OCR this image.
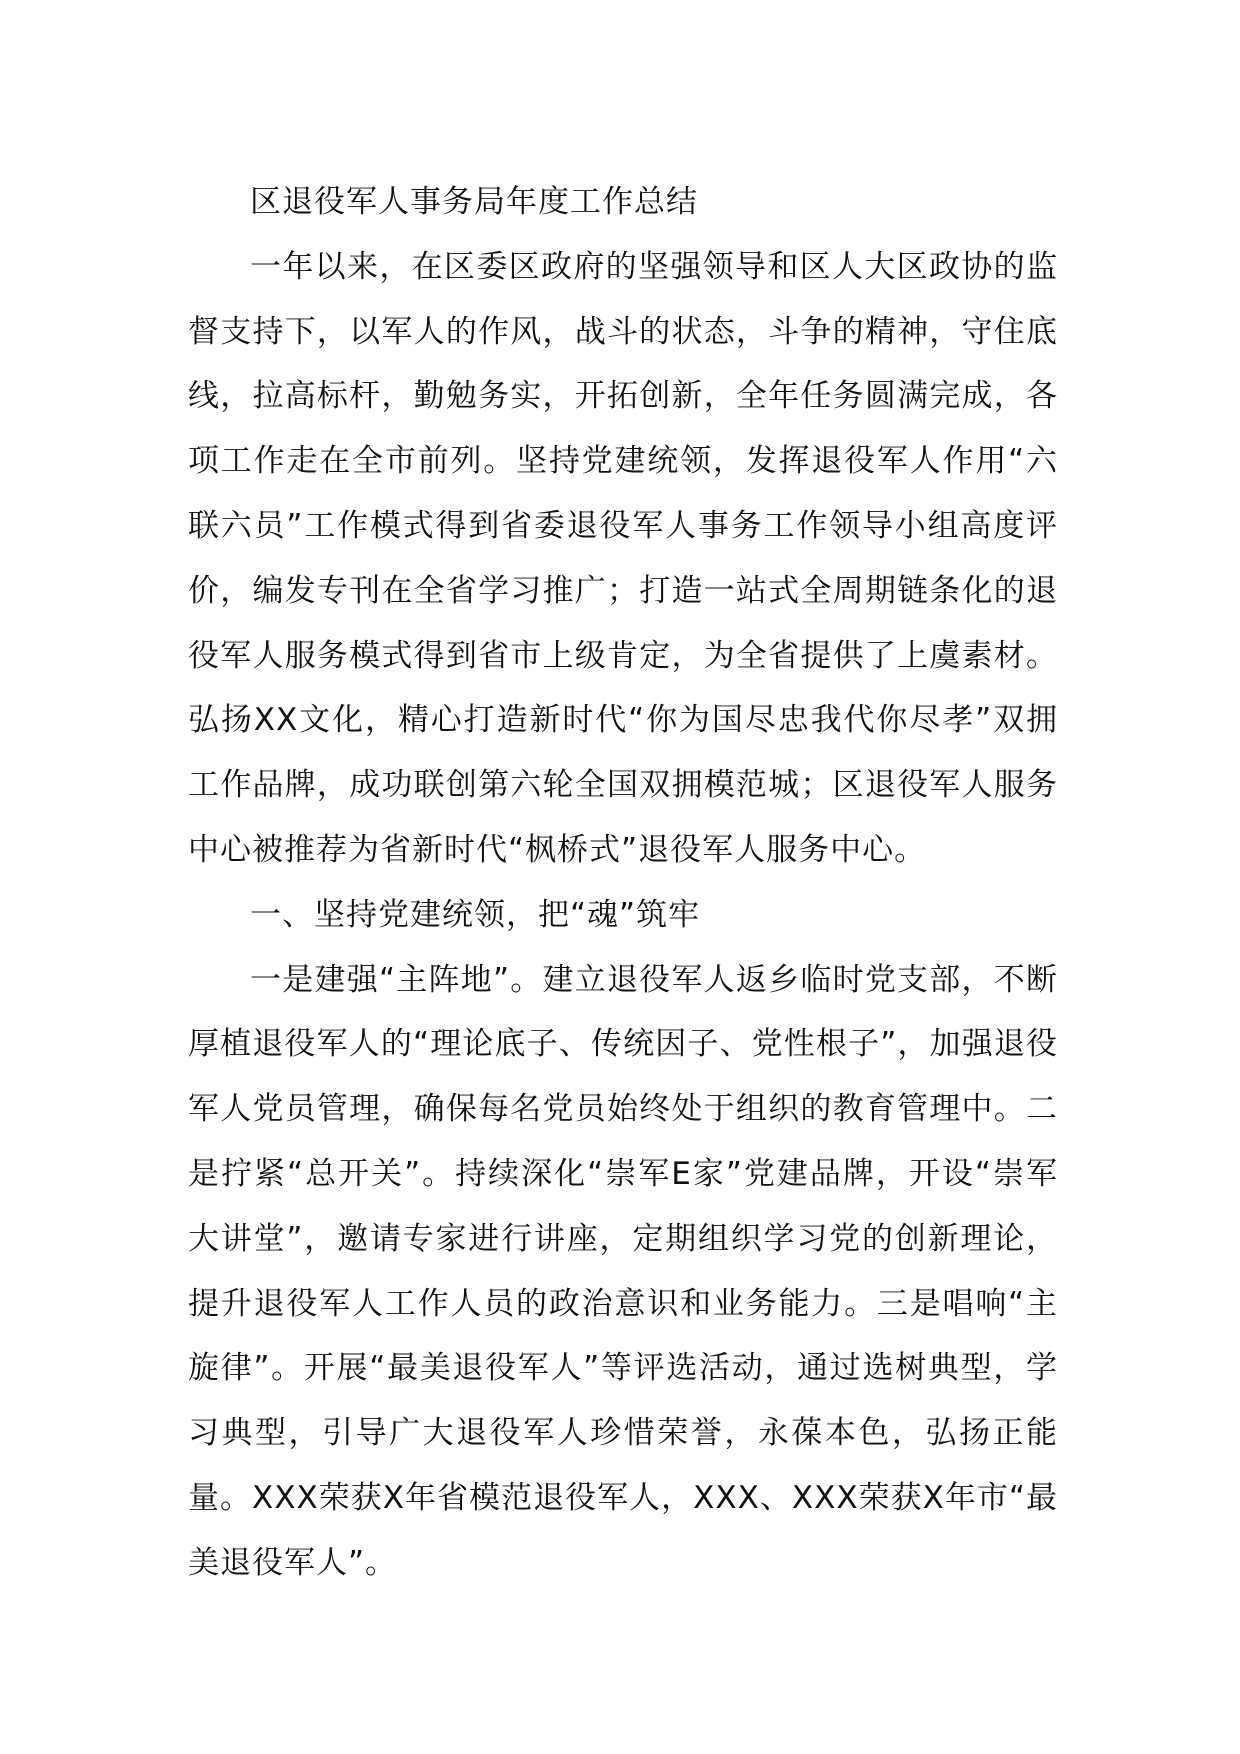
区退役军人事务局年度工作总结

一年以来，在区委区政府的坚强领导和区人大区政协的监督支持下，以军人的作风，战斗的状态，斗争的精神，守住底线，拉高标杆，勤勉务实，开拓创新，全年任务圆满完成，各项工作走在全市前列。坚持党建统领，发挥退役军人作用“六联六员”工作模式得到省委退役军人事务工作领导小组高度评价，编发专刊在全省学习推广；打造一站式全周期链条化的退役军人服务模式得到省市上级肯定，为全省提供了上虞素材。弘扬XX文化，精心打造新时代“你为国尽忠我代你尽孝”双拥工作品牌，成功联创第六轮全国双拥模范城；区退役军人服务中心被推荐为省新时代“枫桥式”退役军人服务中心。

一、坚持党建统领，把“魂”筑牢

一是建强“主阵地”。建立退役军人返乡临时党支部，不断厚植退役军人的“理论底子、传统因子、党性根子”，加强退役军人党员管理，确保每名党员始终处于组织的教育管理中。二是拧紧“总开关”。持续深化“崇军E家”党建品牌，开设“崇军大讲堂”，邀请专家进行讲座，定期组织学习党的创新理论，提升退役军人工作人员的政治意识和业务能力。三是唱响“主旋律”。开展“最美退役军人”等评选活动，通过选树典型，学习典型，引导广大退役军人珍惜荣誉，永葆本色，弘扬正能量。XXX荣获X年省模范退役军人，XXX、XXX荣获X年市“最美退役军人”。
